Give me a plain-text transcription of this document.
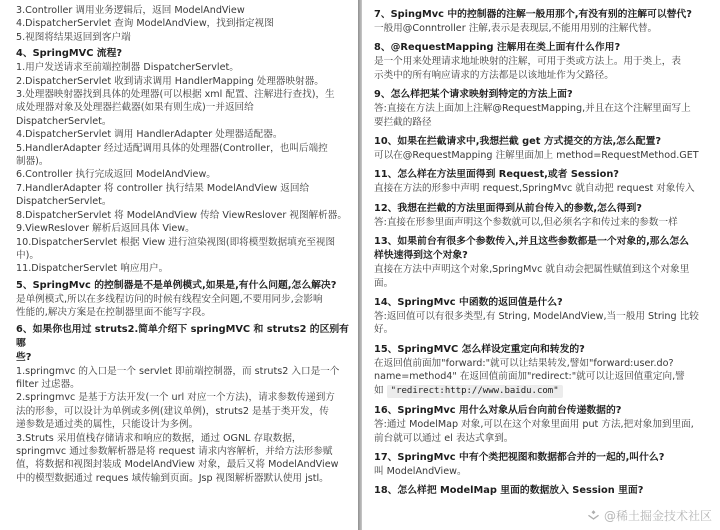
3.Controller 调用业务逻辑后，返回 ModelAndView

4.DispatcherServlet 查询 ModelAndView，找到指定视图

5.视图将结果返回到客户端

4、SpringMVC 流程?

1.用户发送请求至前端控制器 DispatcherServlet。

2.DispatcherServlet 收到请求调用 HandlerMapping 处理器映射器。

3.处理器映射器找到具体的处理器(可以根据 xml 配置、注解进行查找)，生

成处理器对象及处理器拦截器(如果有则生成)一并返回给

DispatcherServlet。

4.DispatcherServlet 调用 HandlerAdapter 处理器适配器。

5.HandlerAdapter 经过适配调用具体的处理器(Controller，也叫后端控

制器)。

6.Controller 执行完成返回 ModelAndView。

7.HandlerAdapter 将 controller 执行结果 ModelAndView 返回给

DispatcherServlet。

8.DispatcherServlet 将 ModelAndView 传给 ViewReslover 视图解析器。

9.ViewReslover 解析后返回具体 View。

10.DispatcherServlet 根据 View 进行渲染视图(即将模型数据填充至视图

中)。

11.DispatcherServlet 响应用户。

5、SpringMvc 的控制器是不是单例模式,如果是,有什么问题,怎么解决?

是单例模式,所以在多线程访问的时候有线程安全问题,不要用同步,会影响

性能的,解决方案是在控制器里面不能写字段。

6、如果你也用过 struts2.简单介绍下 springMVC 和 struts2 的区别有哪
些?

1.springmvc 的入口是一个 servlet 即前端控制器，而 struts2 入口是一个

filter 过虑器。

2.springmvc 是基于方法开发(一个 url 对应一个方法)，请求参数传递到方

法的形参，可以设计为单例或多例(建议单例)，struts2 是基于类开发，传

递参数是通过类的属性，只能设计为多例。

3.Struts 采用值栈存储请求和响应的数据，通过 OGNL 存取数据，

springmvc 通过参数解析器是将 request 请求内容解析，并给方法形参赋

值，将数据和视图封装成 ModelAndView 对象，最后又将 ModelAndView

中的模型数据通过 reques 域传输到页面。Jsp 视图解析器默认使用 jstl。

7、SpingMvc 中的控制器的注解一般用那个,有没有别的注解可以替代?

一般用@Conntroller 注解,表示是表现层,不能用用别的注解代替。

8、@RequestMapping 注解用在类上面有什么作用?

是一个用来处理请求地址映射的注解，可用于类或方法上。用于类上，表

示类中的所有响应请求的方法都是以该地址作为父路径。

9、怎么样把某个请求映射到特定的方法上面?

答:直接在方法上面加上注解@RequestMapping,并且在这个注解里面写上

要拦截的路径

10、如果在拦截请求中,我想拦截 get 方式提交的方法,怎么配置?

可以在@RequestMapping 注解里面加上 method=RequestMethod.GET

11、怎么样在方法里面得到 Request,或者 Session?

直接在方法的形参中声明 request,SpringMvc 就自动把 request 对象传入

12、我想在拦截的方法里面得到从前台传入的参数,怎么得到?

答:直接在形参里面声明这个参数就可以,但必须名字和传过来的参数一样

13、如果前台有很多个参数传入,并且这些参数都是一个对象的,那么怎么
样快速得到这个对象?

直接在方法中声明这个对象,SpringMvc 就自动会把属性赋值到这个对象里

面。

14、SpringMvc 中函数的返回值是什么?

答:返回值可以有很多类型,有 String, ModelAndView,当一般用 String 比较

好。

15、SpringMVC 怎么样设定重定向和转发的?

在返回值前面加"forward:"就可以让结果转发,譬如"forward:user.do?

name=method4" 在返回值前面加"redirect:"就可以让返回值重定向,譬

如 "redirect:http://www.baidu.com"

16、SpringMvc 用什么对象从后台向前台传递数据的?

答:通过 ModelMap 对象,可以在这个对象里面用 put 方法,把对象加到里面,

前台就可以通过 el 表达式拿到。

17、SpringMvc 中有个类把视图和数据都合并的一起的,叫什么?

叫 ModelAndView。

18、怎么样把 ModelMap 里面的数据放入 Session 里面?
@稀土掘金技术社区
